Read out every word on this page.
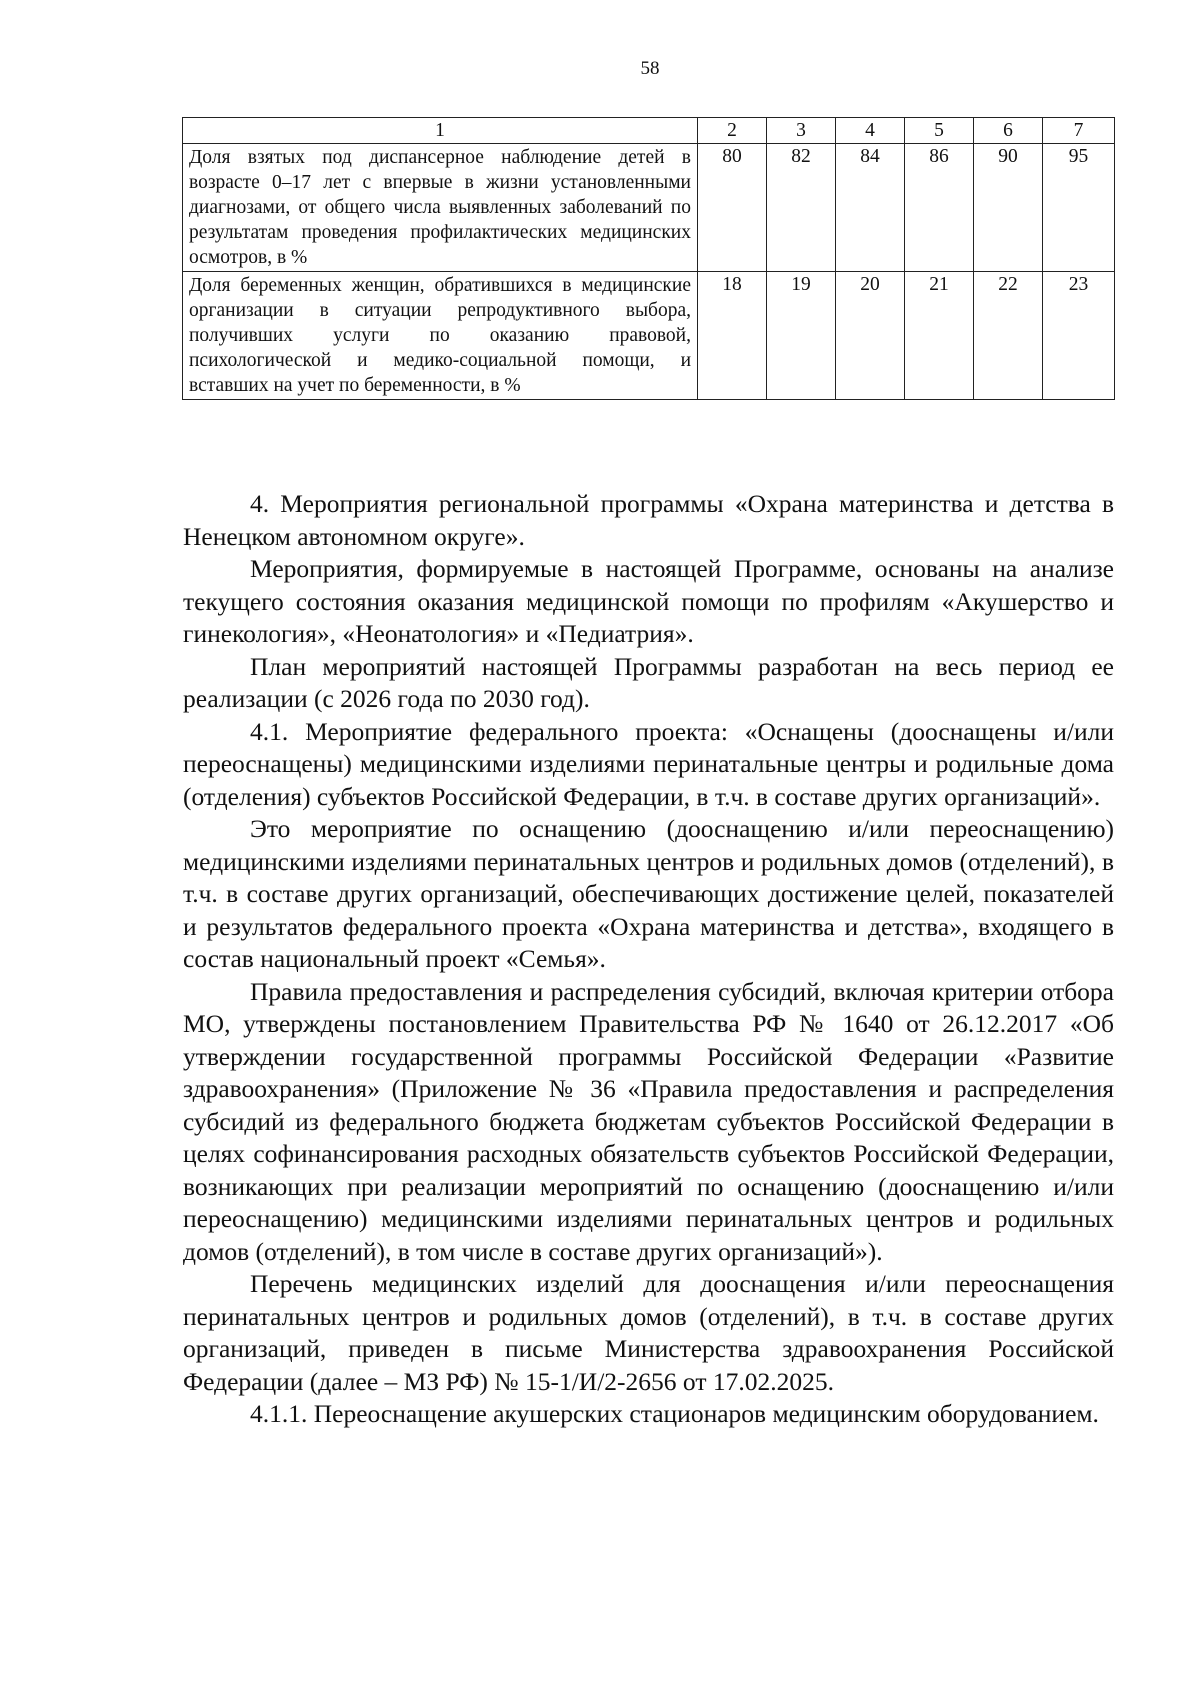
58
1	2	3	4	5	6	7
Доля взятых под диспансерное наблюдение детей в возрасте 0–17 лет с впервые в жизни установленными диагнозами, от общего числа выявленных заболеваний по результатам проведения профилактических медицинских осмотров, в %	80	82	84	86	90	95
Доля беременных женщин, обратившихся в медицинские организации в ситуации репродуктивного выбора, получивших услуги по оказанию правовой, психологической и медико-социальной помощи, и вставших на учет по беременности, в %	18	19	20	21	22	23

4. Мероприятия региональной программы «Охрана материнства и детства в Ненецком автономном округе».

Мероприятия, формируемые в настоящей Программе, основаны на анализе текущего состояния оказания медицинской помощи по профилям «Акушерство и гинекология», «Неонатология» и «Педиатрия».

План мероприятий настоящей Программы разработан на весь период ее реализации (с 2026 года по 2030 год).

4.1. Мероприятие федерального проекта: «Оснащены (дооснащены и/или переоснащены) медицинскими изделиями перинатальные центры и родильные дома (отделения) субъектов Российской Федерации, в т.ч. в составе других организаций».

Это мероприятие по оснащению (дооснащению и/или переоснащению) медицинскими изделиями перинатальных центров и родильных домов (отделений), в т.ч. в составе других организаций, обеспечивающих достижение целей, показателей и результатов федерального проекта «Охрана материнства и детства», входящего в состав национальный проект «Семья».

Правила предоставления и распределения субсидий, включая критерии отбора МО, утверждены постановлением Правительства РФ № 1640 от 26.12.2017 «Об утверждении государственной программы Российской Федерации «Развитие здравоохранения» (Приложение № 36 «Правила предоставления и распределения субсидий из федерального бюджета бюджетам субъектов Российской Федерации в целях софинансирования расходных обязательств субъектов Российской Федерации, возникающих при реализации мероприятий по оснащению (дооснащению и/или переоснащению) медицинскими изделиями перинатальных центров и родильных домов (отделений), в том числе в составе других организаций»).

Перечень медицинских изделий для дооснащения и/или переоснащения перинатальных центров и родильных домов (отделений), в т.ч. в составе других организаций, приведен в письме Министерства здравоохранения Российской Федерации (далее – МЗ РФ) № 15-1/И/2-2656 от 17.02.2025.

4.1.1. Переоснащение акушерских стационаров медицинским оборудованием.
